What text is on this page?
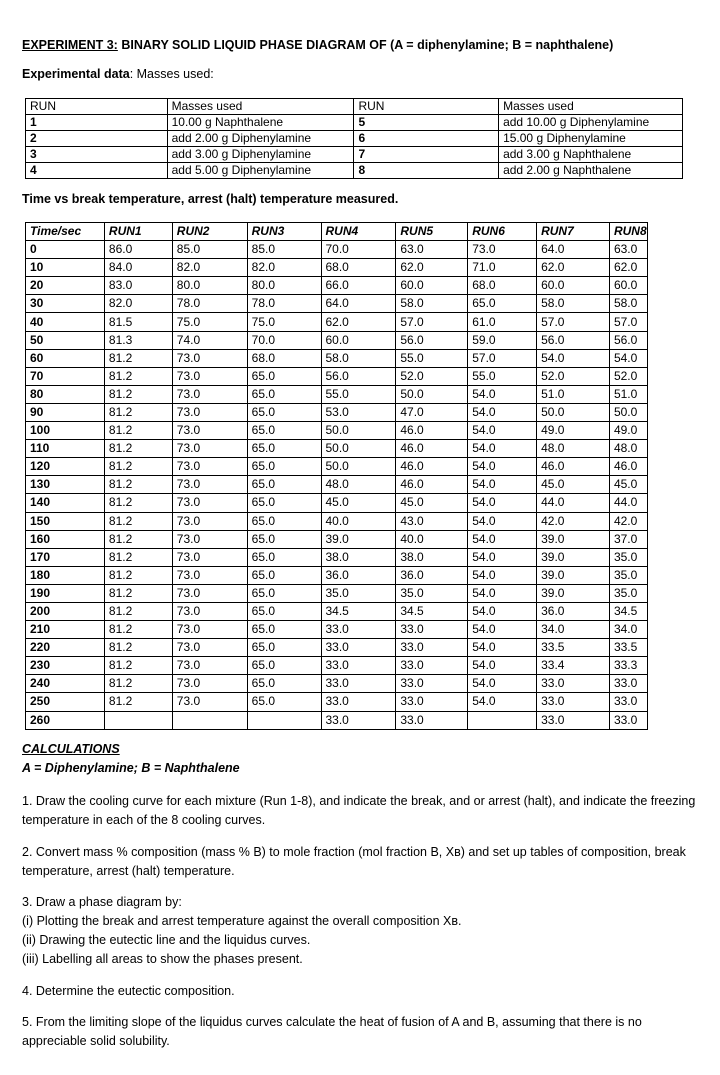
EXPERIMENT 3: BINARY SOLID LIQUID PHASE DIAGRAM OF (A = diphenylamine; B = naphthalene)
Experimental data: Masses used:
RUN	Masses used	RUN	Masses used
1	10.00 g Naphthalene	5	add 10.00 g Diphenylamine
2	add 2.00 g Diphenylamine	6	15.00 g Diphenylamine
3	add 3.00 g Diphenylamine	7	add 3.00 g Naphthalene
4	add 5.00 g Diphenylamine	8	add 2.00 g Naphthalene
Time vs break temperature, arrest (halt) temperature measured.
Time/sec	RUN1	RUN2	RUN3	RUN4	RUN5	RUN6	RUN7	RUN8
0	86.0	85.0	85.0	70.0	63.0	73.0	64.0	63.0
10	84.0	82.0	82.0	68.0	62.0	71.0	62.0	62.0
20	83.0	80.0	80.0	66.0	60.0	68.0	60.0	60.0
30	82.0	78.0	78.0	64.0	58.0	65.0	58.0	58.0
40	81.5	75.0	75.0	62.0	57.0	61.0	57.0	57.0
50	81.3	74.0	70.0	60.0	56.0	59.0	56.0	56.0
60	81.2	73.0	68.0	58.0	55.0	57.0	54.0	54.0
70	81.2	73.0	65.0	56.0	52.0	55.0	52.0	52.0
80	81.2	73.0	65.0	55.0	50.0	54.0	51.0	51.0
90	81.2	73.0	65.0	53.0	47.0	54.0	50.0	50.0
100	81.2	73.0	65.0	50.0	46.0	54.0	49.0	49.0
110	81.2	73.0	65.0	50.0	46.0	54.0	48.0	48.0
120	81.2	73.0	65.0	50.0	46.0	54.0	46.0	46.0
130	81.2	73.0	65.0	48.0	46.0	54.0	45.0	45.0
140	81.2	73.0	65.0	45.0	45.0	54.0	44.0	44.0
150	81.2	73.0	65.0	40.0	43.0	54.0	42.0	42.0
160	81.2	73.0	65.0	39.0	40.0	54.0	39.0	37.0
170	81.2	73.0	65.0	38.0	38.0	54.0	39.0	35.0
180	81.2	73.0	65.0	36.0	36.0	54.0	39.0	35.0
190	81.2	73.0	65.0	35.0	35.0	54.0	39.0	35.0
200	81.2	73.0	65.0	34.5	34.5	54.0	36.0	34.5
210	81.2	73.0	65.0	33.0	33.0	54.0	34.0	34.0
220	81.2	73.0	65.0	33.0	33.0	54.0	33.5	33.5
230	81.2	73.0	65.0	33.0	33.0	54.0	33.4	33.3
240	81.2	73.0	65.0	33.0	33.0	54.0	33.0	33.0
250	81.2	73.0	65.0	33.0	33.0	54.0	33.0	33.0
260				33.0	33.0		33.0	33.0
CALCULATIONS
A = Diphenylamine; B = Naphthalene
1. Draw the cooling curve for each mixture (Run 1-8), and indicate the break, and or arrest (halt), and indicate the freezing temperature in each of the 8 cooling curves.
2. Convert mass % composition (mass % B) to mole fraction (mol fraction B, Xʙ) and set up tables of composition, break temperature, arrest (halt) temperature.
3. Draw a phase diagram by:
(i) Plotting the break and arrest temperature against the overall composition Xʙ.
(ii) Drawing the eutectic line and the liquidus curves.
(iii) Labelling all areas to show the phases present.
4. Determine the eutectic composition.
5. From the limiting slope of the liquidus curves calculate the heat of fusion of A and B, assuming that there is no appreciable solid solubility.
